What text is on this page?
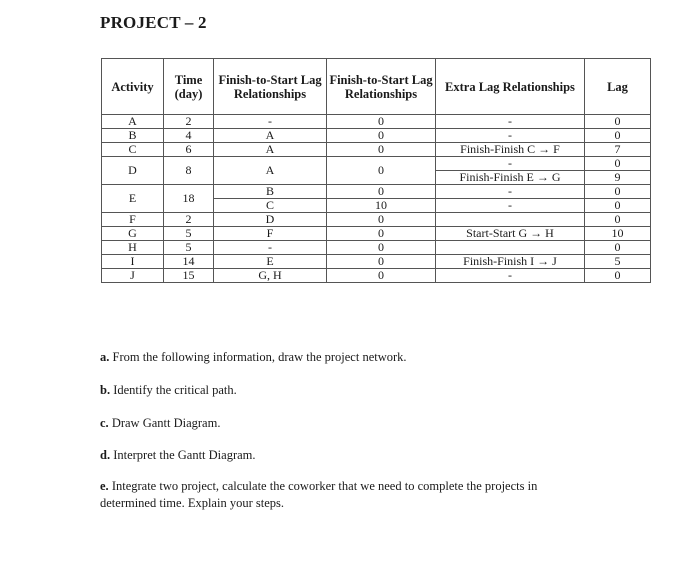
PROJECT – 2
Activity	Time (day)	Finish-to-Start Lag Relationships	Finish-to-Start Lag Relationships	Extra Lag Relationships	Lag
A	2	-	0	-	0
B	4	A	0	-	0
C	6	A	0	Finish-Finish C → F	7
D	8	A	0	-	0
				Finish-Finish E → G	9

E	18	B	0	-	0
		C	10	-	0
F	2	D	0		0
G	5	F	0	Start-Start G → H	10
H	5	-	0		0
I	14	E	0	Finish-Finish I → J	5
J	15	G, H	0	-	0
a. From the following information, draw the project network.
b. Identify the critical path.
c. Draw Gantt Diagram.
d. Interpret the Gantt Diagram.
e. Integrate two project, calculate the coworker that we need to complete the projects in
determined time. Explain your steps.
